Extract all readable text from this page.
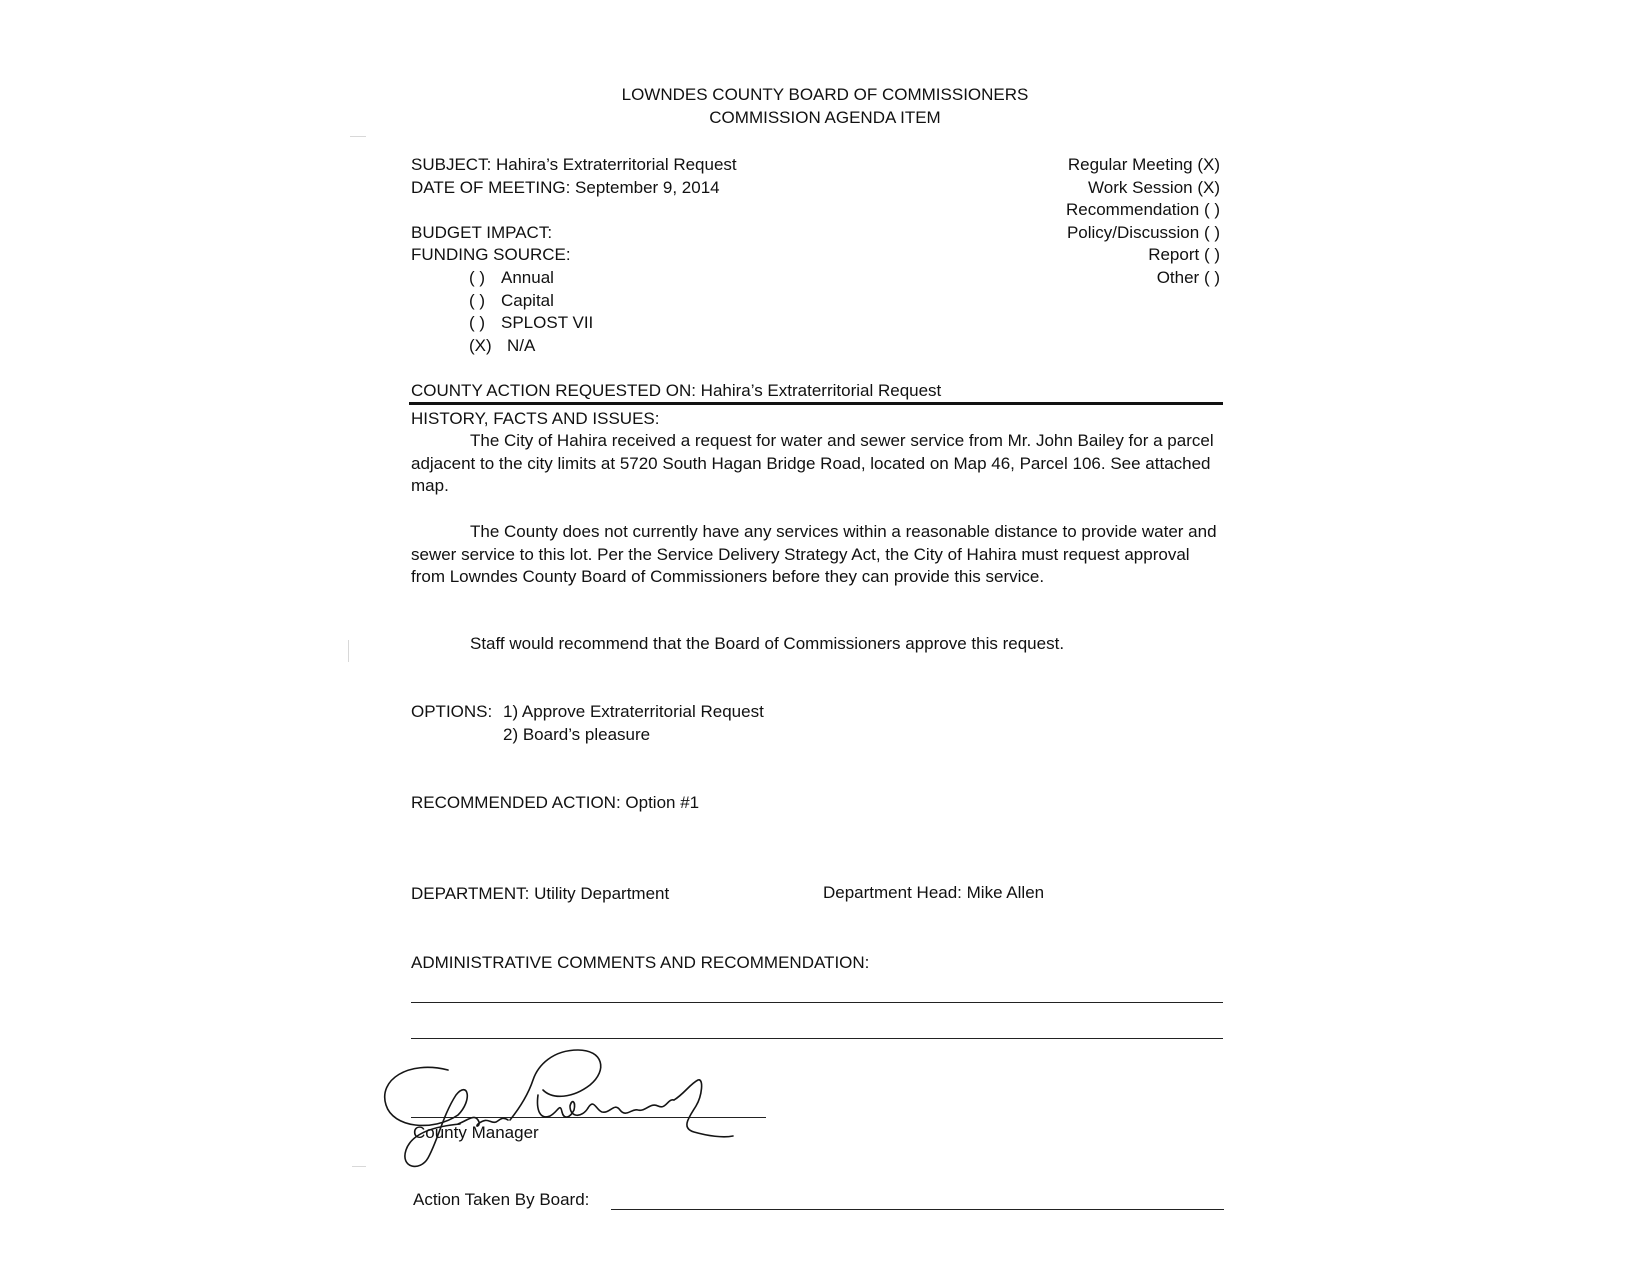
LOWNDES COUNTY BOARD OF COMMISSIONERS
COMMISSION AGENDA ITEM
SUBJECT: Hahira’s Extraterritorial Request
DATE OF MEETING: September 9, 2014
BUDGET IMPACT:
FUNDING SOURCE:
( ) Annual
( ) Capital
( ) SPLOST VII
(X) N/A
Regular Meeting (X)
Work Session (X)
Recommendation ( )
Policy/Discussion ( )
Report ( )
Other ( )
COUNTY ACTION REQUESTED ON: Hahira’s Extraterritorial Request
HISTORY, FACTS AND ISSUES:
The City of Hahira received a request for water and sewer service from Mr. John Bailey for a parcel adjacent to the city limits at 5720 South Hagan Bridge Road, located on Map 46, Parcel 106. See attached map.
The County does not currently have any services within a reasonable distance to provide water and sewer service to this lot. Per the Service Delivery Strategy Act, the City of Hahira must request approval from Lowndes County Board of Commissioners before they can provide this service.
Staff would recommend that the Board of Commissioners approve this request.
OPTIONS: 1) Approve Extraterritorial Request
2) Board’s pleasure
RECOMMENDED ACTION: Option #1
DEPARTMENT: Utility Department	Department Head: Mike Allen
ADMINISTRATIVE COMMENTS AND RECOMMENDATION:
County Manager
Action Taken By Board:
